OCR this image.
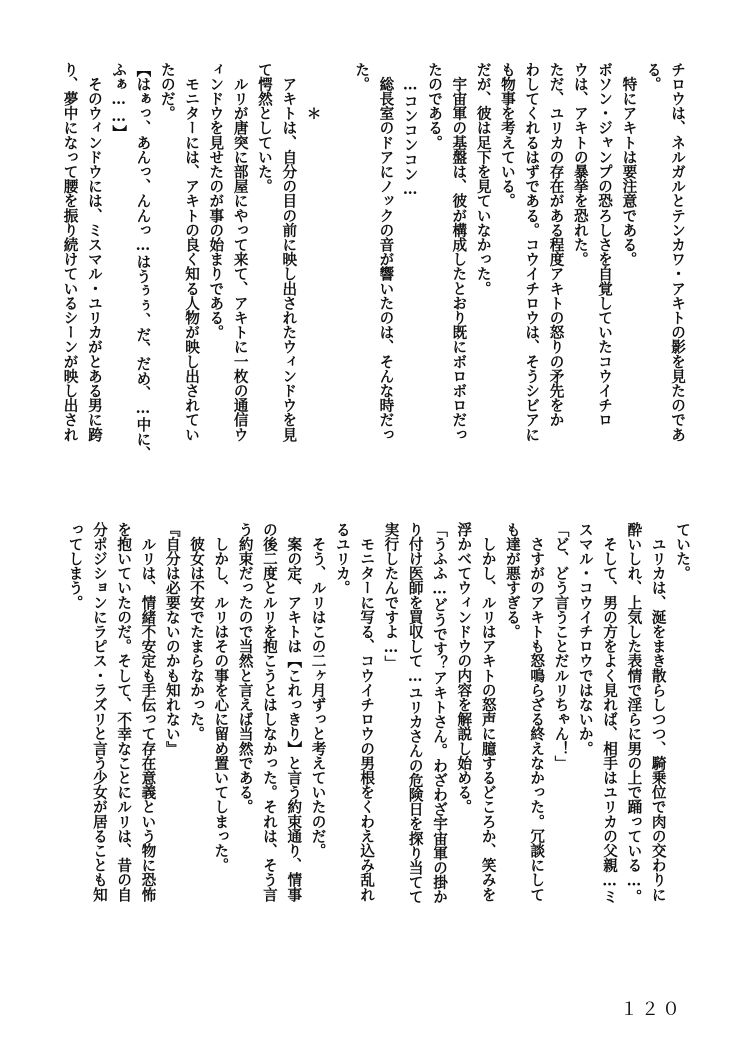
チロウは、ネルガルとテンカワ・アキトの影を見たのであ
る。
　特にアキトは要注意である。
ボソン・ジャンプの恐ろしさを自覚していたコウイチロ
ウは、アキトの暴挙を恐れた。
ただ、ユリカの存在がある程度アキトの怒りの矛先をか
わしてくれるはずである。コウイチロウは、そうシビアに
も物事を考えている。
だが、彼は足下を見ていなかった。
　宇宙軍の基盤は、彼が構成したとおり既にボロボロだっ
たのである。
　…コンコンコン…
　総長室のドアにノックの音が響いたのは、そんな時だっ
た。
　　　＊
　アキトは、自分の目の前に映し出されたウィンドウを見
て愕然としていた。
　ルリが唐突に部屋にやって来て、アキトに一枚の通信ウ
ィンドウを見せたのが事の始まりである。
　モニターには、アキトの良く知る人物が映し出されてい
たのだ。
【はぁっ、あんっ、んんっ…はうぅぅ、だ、だめ、…中に、
ふぁ……】
　そのウィンドウには、ミスマル・ユリカがとある男に跨
り、夢中になって腰を振り続けているシーンが映し出され
ていた。
　ユリカは、涎をまき散らしつつ、騎乗位で肉の交わりに
酔いしれ、上気した表情で淫らに男の上で踊っている…。
　そして、男の方をよく見れば、相手はユリカの父親…ミ
スマル・コウイチロウではないか。
「ど、どう言うことだルリちゃん！」
　さすがのアキトも怒鳴らざる終えなかった。冗談にして
も達が悪すぎる。
　しかし、ルリはアキトの怒声に臆するどころか、笑みを
浮かべてウィンドウの内容を解説し始める。
「うふふ…どうです？アキトさん。わざわざ宇宙軍の掛か
り付け医師を買収して…ユリカさんの危険日を探り当てて
実行したんですよ…」
　モニターに写る、コウイチロウの男根をくわえ込み乱れ
るユリカ。
　そう、ルリはこの二ヶ月ずっと考えていたのだ。
　案の定、アキトは【これっきり】と言う約束通り、情事
の後二度とルリを抱こうとはしなかった。それは、そう言
う約束だったので当然と言えば当然である。
　しかし、ルリはその事を心に留め置いてしまった。
　彼女は不安でたまらなかった。
『自分は必要ないのかも知れない』
　ルリは、情緒不安定も手伝って存在意義という物に恐怖
を抱いていたのだ。そして、不幸なことにルリは、昔の自
分ポジションにラピス・ラズリと言う少女が居ることも知
ってしまう。
１２０
